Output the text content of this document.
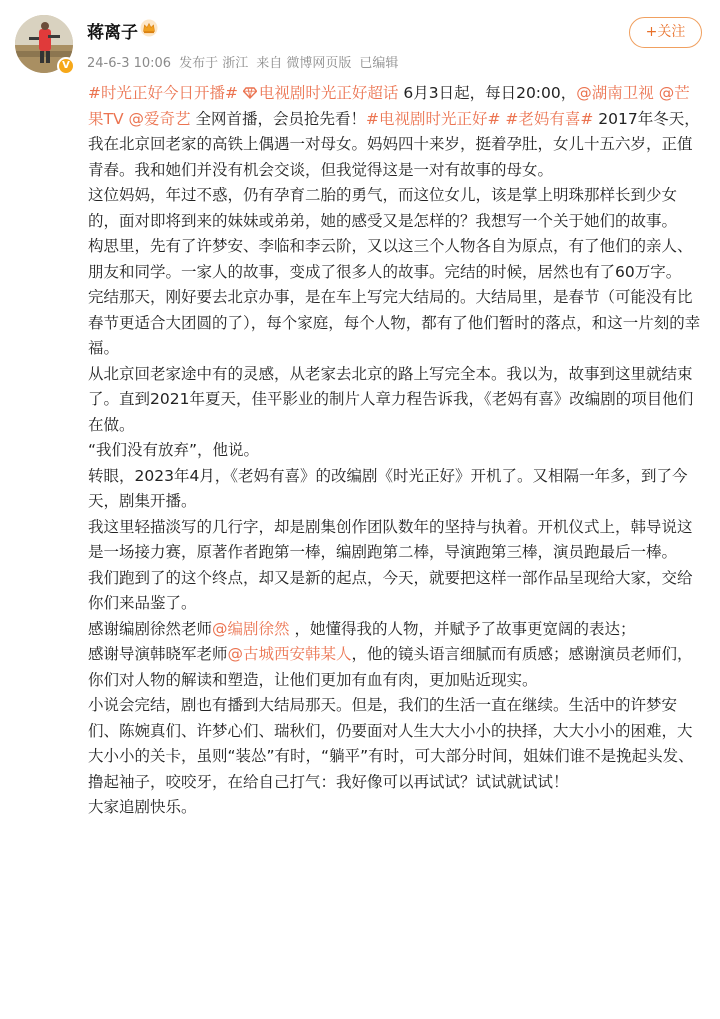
V
蒋离子
24-6-3 10:06 发布于 浙江 来自 微博网页版 已编辑
+关注

#时光正好今日开播# 电视剧时光正好超话 6月3日起，每日20:00，@湖南卫视 @芒果TV @爱奇艺 全网首播，会员抢先看！#电视剧时光正好# #老妈有喜# 2017年冬天，我在北京回老家的高铁上偶遇一对母女。妈妈四十来岁，挺着孕肚，女儿十五六岁，正值青春。我和她们并没有机会交谈，但我觉得这是一对有故事的母女。

这位妈妈，年过不惑，仍有孕育二胎的勇气，而这位女儿，该是掌上明珠那样长到少女的，面对即将到来的妹妹或弟弟，她的感受又是怎样的？我想写一个关于她们的故事。

构思里，先有了许梦安、李临和李云阶，又以这三个人物各自为原点，有了他们的亲人、朋友和同学。一家人的故事，变成了很多人的故事。完结的时候，居然也有了60万字。

完结那天，刚好要去北京办事，是在车上写完大结局的。大结局里，是春节（可能没有比春节更适合大团圆的了），每个家庭，每个人物，都有了他们暂时的落点，和这一片刻的幸福。

从北京回老家途中有的灵感，从老家去北京的路上写完全本。我以为，故事到这里就结束了。直到2021年夏天，佳平影业的制片人章力程告诉我，《老妈有喜》改编剧的项目他们在做。

“我们没有放弃”，他说。

转眼，2023年4月，《老妈有喜》的改编剧《时光正好》开机了。又相隔一年多，到了今天，剧集开播。

我这里轻描淡写的几行字，却是剧集创作团队数年的坚持与执着。开机仪式上，韩导说这是一场接力赛，原著作者跑第一棒，编剧跑第二棒，导演跑第三棒，演员跑最后一棒。

我们跑到了的这个终点，却又是新的起点，今天，就要把这样一部作品呈现给大家，交给你们来品鉴了。

感谢编剧徐然老师@编剧徐然 ，她懂得我的人物，并赋予了故事更宽阔的表达；
感谢导演韩晓军老师@古城西安韩某人，他的镜头语言细腻而有质感；感谢演员老师们，你们对人物的解读和塑造，让他们更加有血有肉，更加贴近现实。

小说会完结，剧也有播到大结局那天。但是，我们的生活一直在继续。生活中的许梦安们、陈婉真们、许梦心们、瑞秋们，仍要面对人生大大小小的抉择，大大小小的困难，大大小小的关卡，虽则“装怂”有时，“躺平”有时，可大部分时间，姐妹们谁不是挽起头发、撸起袖子，咬咬牙，在给自己打气：我好像可以再试试？试试就试试！

大家追剧快乐。
